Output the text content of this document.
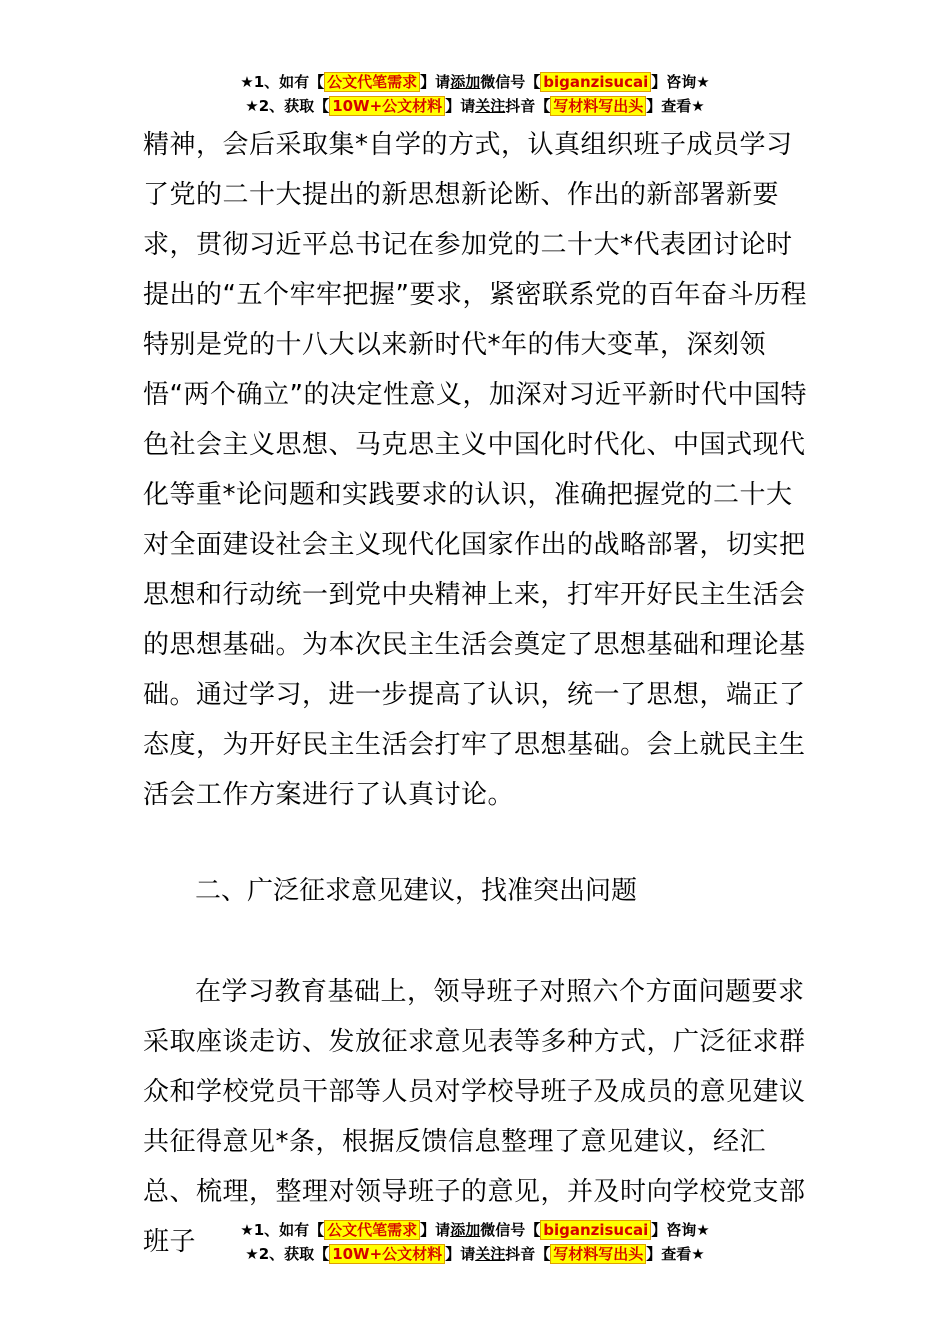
★1、如有【 公文代笔需求 】请添加微信号【 biganzisucai 】咨询★
★2、获取【 10W+公文材料 】请关注抖音【 写材料写出头 】查看★

精神，会后采取集*自学的方式，认真组织班子成员学习了党的二十大提出的新思想新论断、作出的新部署新要求，贯彻习近平总书记在参加党的二十大*代表团讨论时提出的“五个牢牢把握”要求，紧密联系党的百年奋斗历程特别是党的十八大以来新时代*年的伟大变革，深刻领悟“两个确立”的决定性意义，加深对习近平新时代中国特色社会主义思想、马克思主义中国化时代化、中国式现代化等重*论问题和实践要求的认识，准确把握党的二十大对全面建设社会主义现代化国家作出的战略部署，切实把思想和行动统一到党中央精神上来，打牢开好民主生活会的思想基础。为本次民主生活会奠定了思想基础和理论基础。通过学习，进一步提高了认识，统一了思想，端正了态度，为开好民主生活会打牢了思想基础。会上就民主生活会工作方案进行了认真讨论。

二、广泛征求意见建议，找准突出问题

在学习教育基础上，领导班子对照六个方面问题要求采取座谈走访、发放征求意见表等多种方式，广泛征求群众和学校党员干部等人员对学校导班子及成员的意见建议共征得意见*条，根据反馈信息整理了意见建议，经汇总、梳理，整理对领导班子的意见，并及时向学校党支部班子	★1、如有【 公文代笔需求 】请添加微信号【 biganzisucai 】咨询★
★2、获取【 10W+公文材料 】请关注抖音【 写材料写出头 】查看★
